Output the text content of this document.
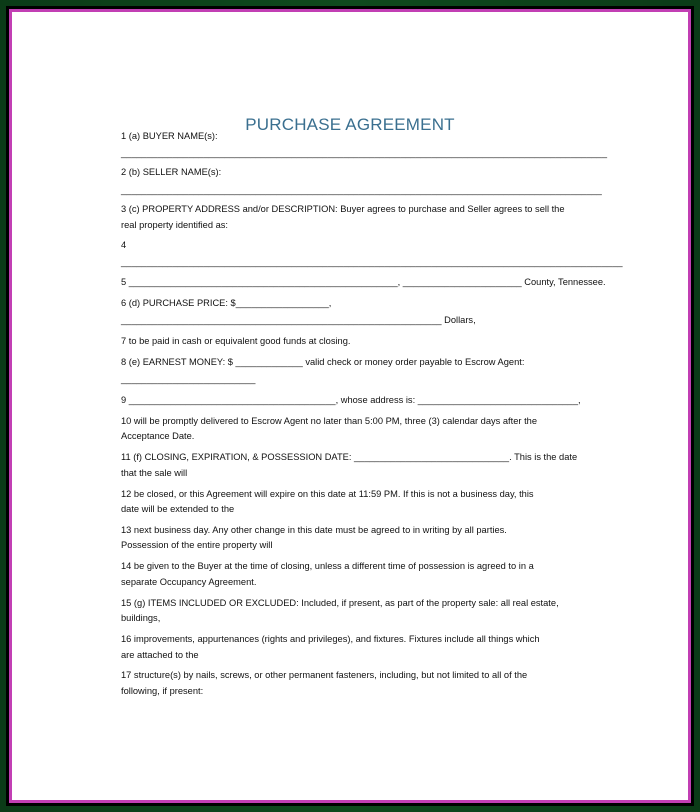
PURCHASE AGREEMENT
1 (a) BUYER NAME(s):
______________________________________________________________________________________________
2 (b) SELLER NAME(s):
_____________________________________________________________________________________________
3 (c) PROPERTY ADDRESS and/or DESCRIPTION: Buyer agrees to purchase and Seller agrees to sell the
real property identified as:
4
_________________________________________________________________________________________________
5 ____________________________________________________, _______________________ County, Tennessee.
6 (d) PURCHASE PRICE: $__________________,
______________________________________________________________ Dollars,
7 to be paid in cash or equivalent good funds at closing.
8 (e) EARNEST MONEY: $ _____________ valid check or money order payable to Escrow Agent:
__________________________
9 ________________________________________, whose address is: _______________________________,
10 will be promptly delivered to Escrow Agent no later than 5:00 PM, three (3) calendar days after the
Acceptance Date.
11 (f) CLOSING, EXPIRATION, & POSSESSION DATE: ______________________________. This is the date
that the sale will
12 be closed, or this Agreement will expire on this date at 11:59 PM. If this is not a business day, this
date will be extended to the
13 next business day. Any other change in this date must be agreed to in writing by all parties.
Possession of the entire property will
14 be given to the Buyer at the time of closing, unless a different time of possession is agreed to in a
separate Occupancy Agreement.
15 (g) ITEMS INCLUDED OR EXCLUDED: Included, if present, as part of the property sale: all real estate,
buildings,
16 improvements, appurtenances (rights and privileges), and fixtures. Fixtures include all things which
are attached to the
17 structure(s) by nails, screws, or other permanent fasteners, including, but not limited to all of the
following, if present:
